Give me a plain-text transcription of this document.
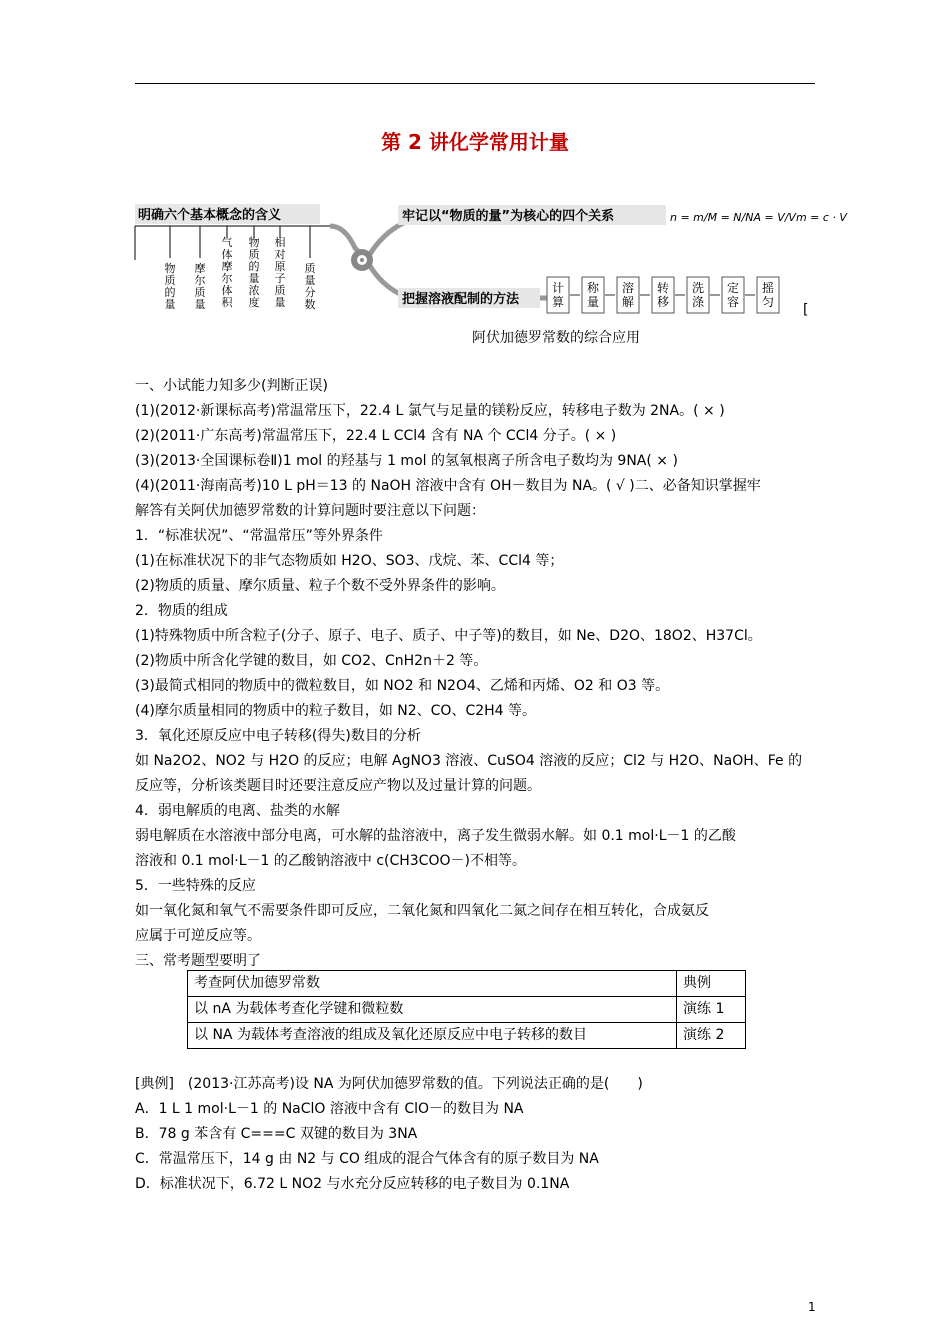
第 2 讲化学常用计量
明确六个基本概念的含义	牢记以“物质的量”为核心的四个关系	n = m/M = N/NA = V/Vm = c · V
把握溶液配制的方法
物质的量
摩尔质量
气体摩尔体积
物质的量浓度
相对原子质量
质量分数
计算
称量
溶解
转移
洗涤
定容
摇匀 [
阿伏加德罗常数的综合应用

一、小试能力知多少(判断正误)

(1)(2012·新课标高考)常温常压下，22.4 L 氯气与足量的镁粉反应，转移电子数为 2NA。( × )

(2)(2011·广东高考)常温常压下，22.4 L CCl4 含有 NA 个 CCl4 分子。( × )

(3)(2013·全国课标卷Ⅱ)1 mol 的羟基与 1 mol 的氢氧根离子所含电子数均为 9NA( × )

(4)(2011·海南高考)10 L pH＝13 的 NaOH 溶液中含有 OH－数目为 NA。( √ )二、必备知识掌握牢

解答有关阿伏加德罗常数的计算问题时要注意以下问题：

1．“标准状况”、“常温常压”等外界条件

(1)在标准状况下的非气态物质如 H2O、SO3、戊烷、苯、CCl4 等；

(2)物质的质量、摩尔质量、粒子个数不受外界条件的影响。

2．物质的组成

(1)特殊物质中所含粒子(分子、原子、电子、质子、中子等)的数目，如 Ne、D2O、18O2、H37Cl。

(2)物质中所含化学键的数目，如 CO2、CnH2n＋2 等。

(3)最简式相同的物质中的微粒数目，如 NO2 和 N2O4、乙烯和丙烯、O2 和 O3 等。

(4)摩尔质量相同的物质中的粒子数目，如 N2、CO、C2H4 等。

3．氧化还原反应中电子转移(得失)数目的分析

如 Na2O2、NO2 与 H2O 的反应；电解 AgNO3 溶液、CuSO4 溶液的反应；Cl2 与 H2O、NaOH、Fe 的

反应等，分析该类题目时还要注意反应产物以及过量计算的问题。

4．弱电解质的电离、盐类的水解

弱电解质在水溶液中部分电离，可水解的盐溶液中，离子发生微弱水解。如 0.1 mol·L－1 的乙酸

溶液和 0.1 mol·L－1 的乙酸钠溶液中 c(CH3COO－)不相等。

5．一些特殊的反应

如一氧化氮和氧气不需要条件即可反应，二氧化氮和四氧化二氮之间存在相互转化，合成氨反

应属于可逆反应等。

三、常考题型要明了

考查阿伏加德罗常数	典例
以 nA 为载体考查化学键和微粒数	演练 1
以 NA 为载体考查溶液的组成及氧化还原反应中电子转移的数目	演练 2

[典例]　(2013·江苏高考)设 NA 为阿伏加德罗常数的值。下列说法正确的是(　　)

A．1 L 1 mol·L－1 的 NaClO 溶液中含有 ClO－的数目为 NA

B．78 g 苯含有 C===C 双键的数目为 3NA

C．常温常压下，14 g 由 N2 与 CO 组成的混合气体含有的原子数目为 NA

D．标准状况下，6.72 L NO2 与水充分反应转移的电子数目为 0.1NA

1
